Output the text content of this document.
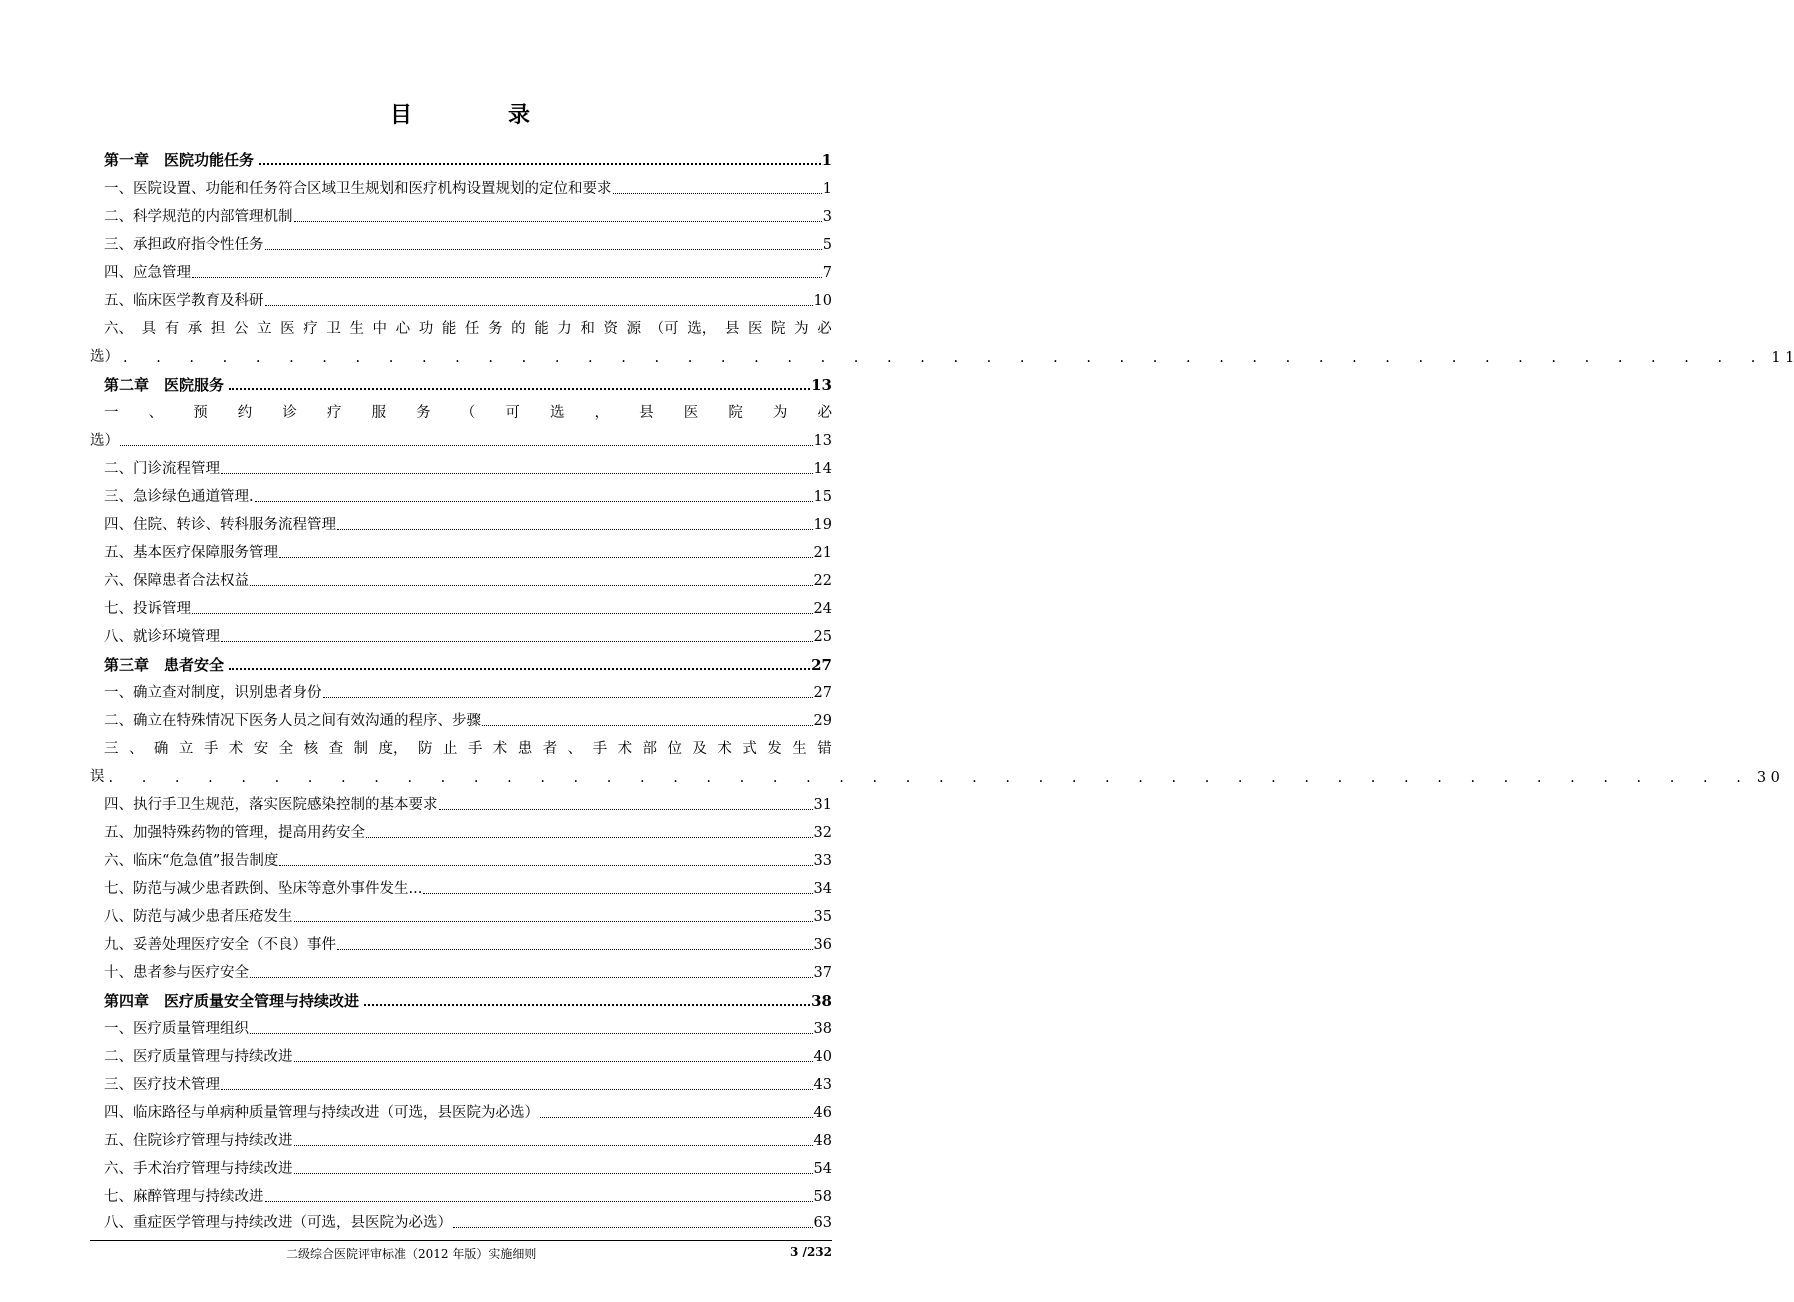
目	录
第一章　医院功能任务	1
一、医院设置、功能和任务符合区域卫生规划和医疗机构设置规划的定位和要求	1
二、科学规范的内部管理机制	3
三、承担政府指令性任务	5
四、应急管理	7
五、临床医学教育及科研	10
六、 具 有 承 担 公 立 医 疗 卫 生 中 心 功 能 任 务 的 能 力 和 资 源 （可 选， 县 医 院 为 必
选） . . . . . . . . . . . . . . . . . . . . . . . . . . . . . . . . . . . . . . . . . . . . . . . . . . 1 1
第二章　医院服务	13
一 、 预 约 诊 疗 服 务 （ 可 选 ， 县 医 院 为 必
选）	13
二、门诊流程管理	14
三、急诊绿色通道管理.	15
四、住院、转诊、转科服务流程管理	19
五、基本医疗保障服务管理	21
六、保障患者合法权益	22
七、投诉管理	24
八、就诊环境管理	25
第三章　患者安全	27
一、确立查对制度，识别患者身份	27
二、确立在特殊情况下医务人员之间有效沟通的程序、步骤	29
三 、 确 立 手 术 安 全 核 查 制 度， 防 止 手 术 患 者 、 手 术 部 位 及 术 式 发 生 错
误 . . . . . . . . . . . . . . . . . . . . . . . . . . . . . . . . . . . . . . . . . . . . . . . . . . 3 0
四、执行手卫生规范，落实医院感染控制的基本要求	31
五、加强特殊药物的管理，提高用药安全	32
六、临床“危急值”报告制度	33
七、防范与减少患者跌倒、坠床等意外事件发生...	34
八、防范与减少患者压疮发生	35
九、妥善处理医疗安全（不良）事件	36
十、患者参与医疗安全	37
第四章　医疗质量安全管理与持续改进	38
一、医疗质量管理组织	38
二、医疗质量管理与持续改进	40
三、医疗技术管理	43
四、临床路径与单病种质量管理与持续改进（可选，县医院为必选）	46
五、住院诊疗管理与持续改进	48
六、手术治疗管理与持续改进	54
七、麻醉管理与持续改进	58
八、重症医学管理与持续改进（可选，县医院为必选）	63
二级综合医院评审标准（2012 年版）实施细则	3 /232
